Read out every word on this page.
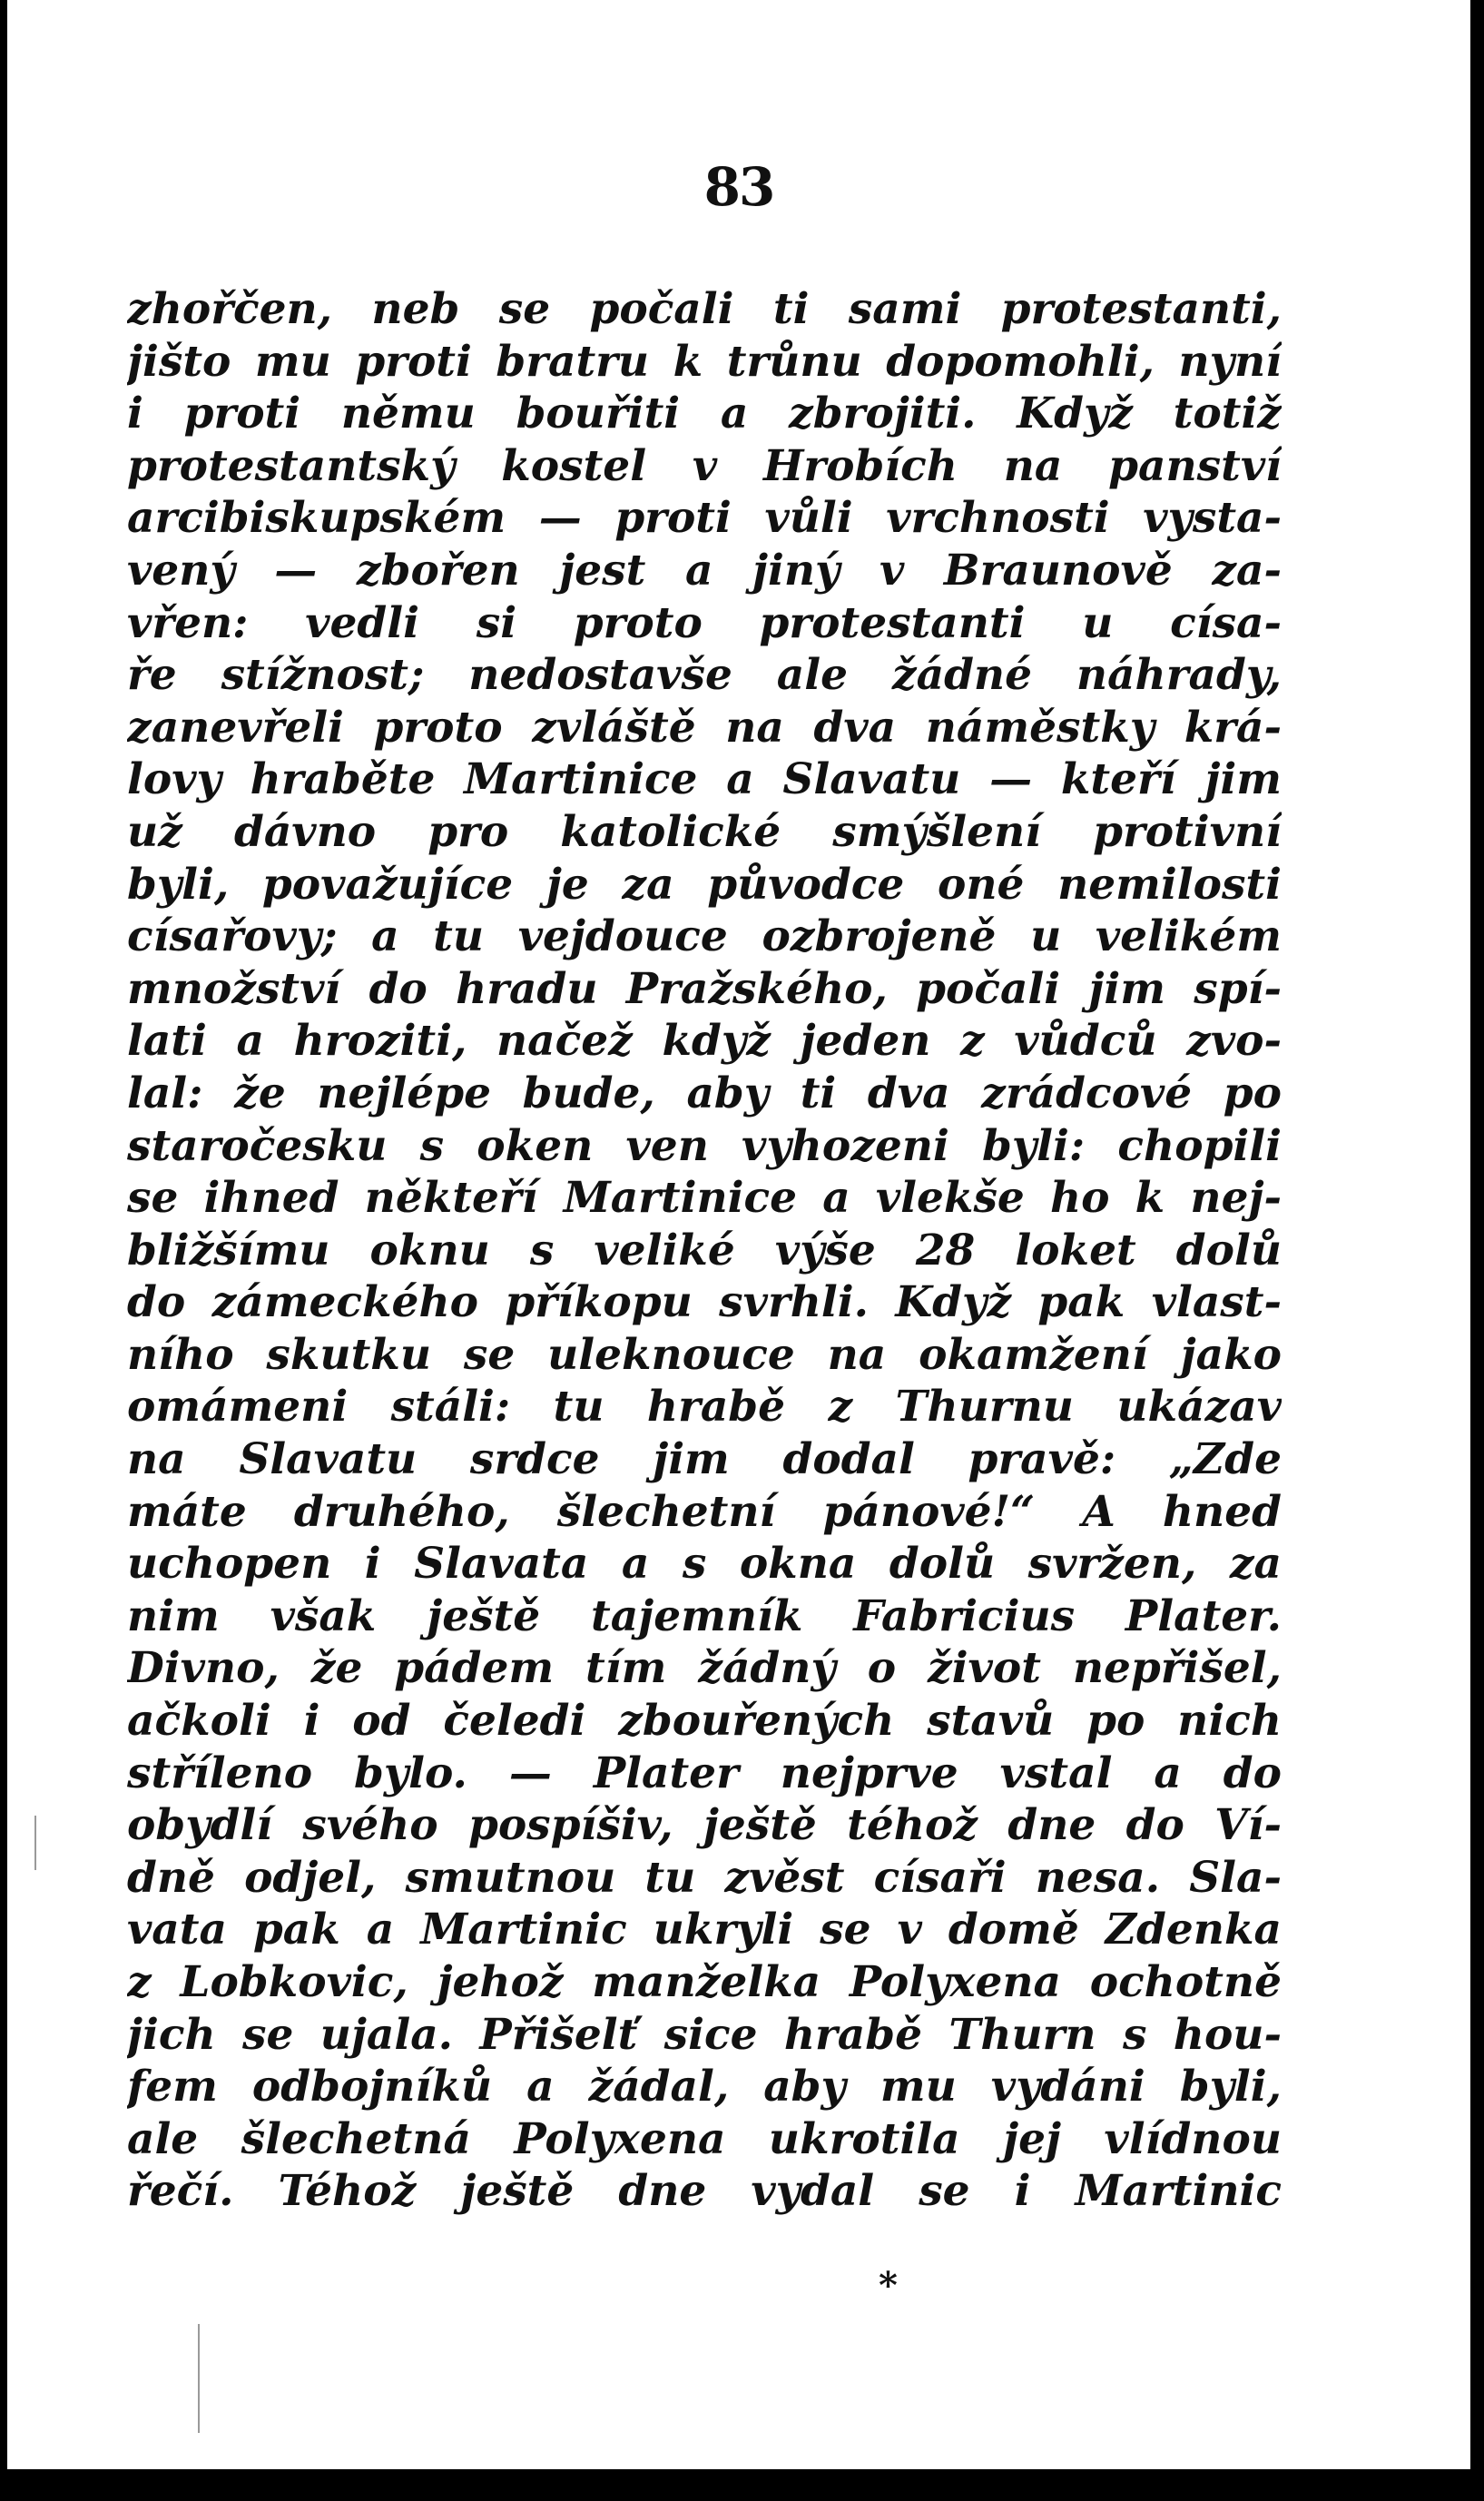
83
zhořčen, neb se počali ti sami protestanti,
jišto mu proti bratru k trůnu dopomohli, nyní
i proti němu bouřiti a zbrojiti. Když totiž
protestantský kostel v Hrobích na panství
arcibiskupském — proti vůli vrchnosti vysta-
vený — zbořen jest a jiný v Braunově za-
vřen: vedli si proto protestanti u císa-
ře stížnost; nedostavše ale žádné náhrady,
zanevřeli proto zvláště na dva náměstky krá-
lovy hraběte Martinice a Slavatu — kteří jim
už dávno pro katolické smýšlení protivní
byli, považujíce je za původce oné nemilosti
císařovy; a tu vejdouce ozbrojeně u velikém
množství do hradu Pražského, počali jim spí-
lati a hroziti, načež když jeden z vůdců zvo-
lal: že nejlépe bude, aby ti dva zrádcové po
staročesku s oken ven vyhozeni byli: chopili
se ihned někteří Martinice a vlekše ho k nej-
bližšímu oknu s veliké výše 28 loket dolů
do zámeckého příkopu svrhli. Když pak vlast-
ního skutku se uleknouce na okamžení jako
omámeni stáli: tu hrabě z Thurnu ukázav
na Slavatu srdce jim dodal pravě: „Zde
máte druhého, šlechetní pánové!“ A hned
uchopen i Slavata a s okna dolů svržen, za
nim však ještě tajemník Fabricius Plater.
Divno, že pádem tím žádný o život nepřišel,
ačkoli i od čeledi zbouřených stavů po nich
stříleno bylo. — Plater nejprve vstal a do
obydlí svého pospíšiv, ještě téhož dne do Ví-
dně odjel, smutnou tu zvěst císaři nesa. Sla-
vata pak a Martinic ukryli se v domě Zdenka
z Lobkovic, jehož manželka Polyxena ochotně
jich se ujala. Přišelť sice hrabě Thurn s hou-
fem odbojníků a žádal, aby mu vydáni byli,
ale šlechetná Polyxena ukrotila jej vlídnou
řečí. Téhož ještě dne vydal se i Martinic
*
